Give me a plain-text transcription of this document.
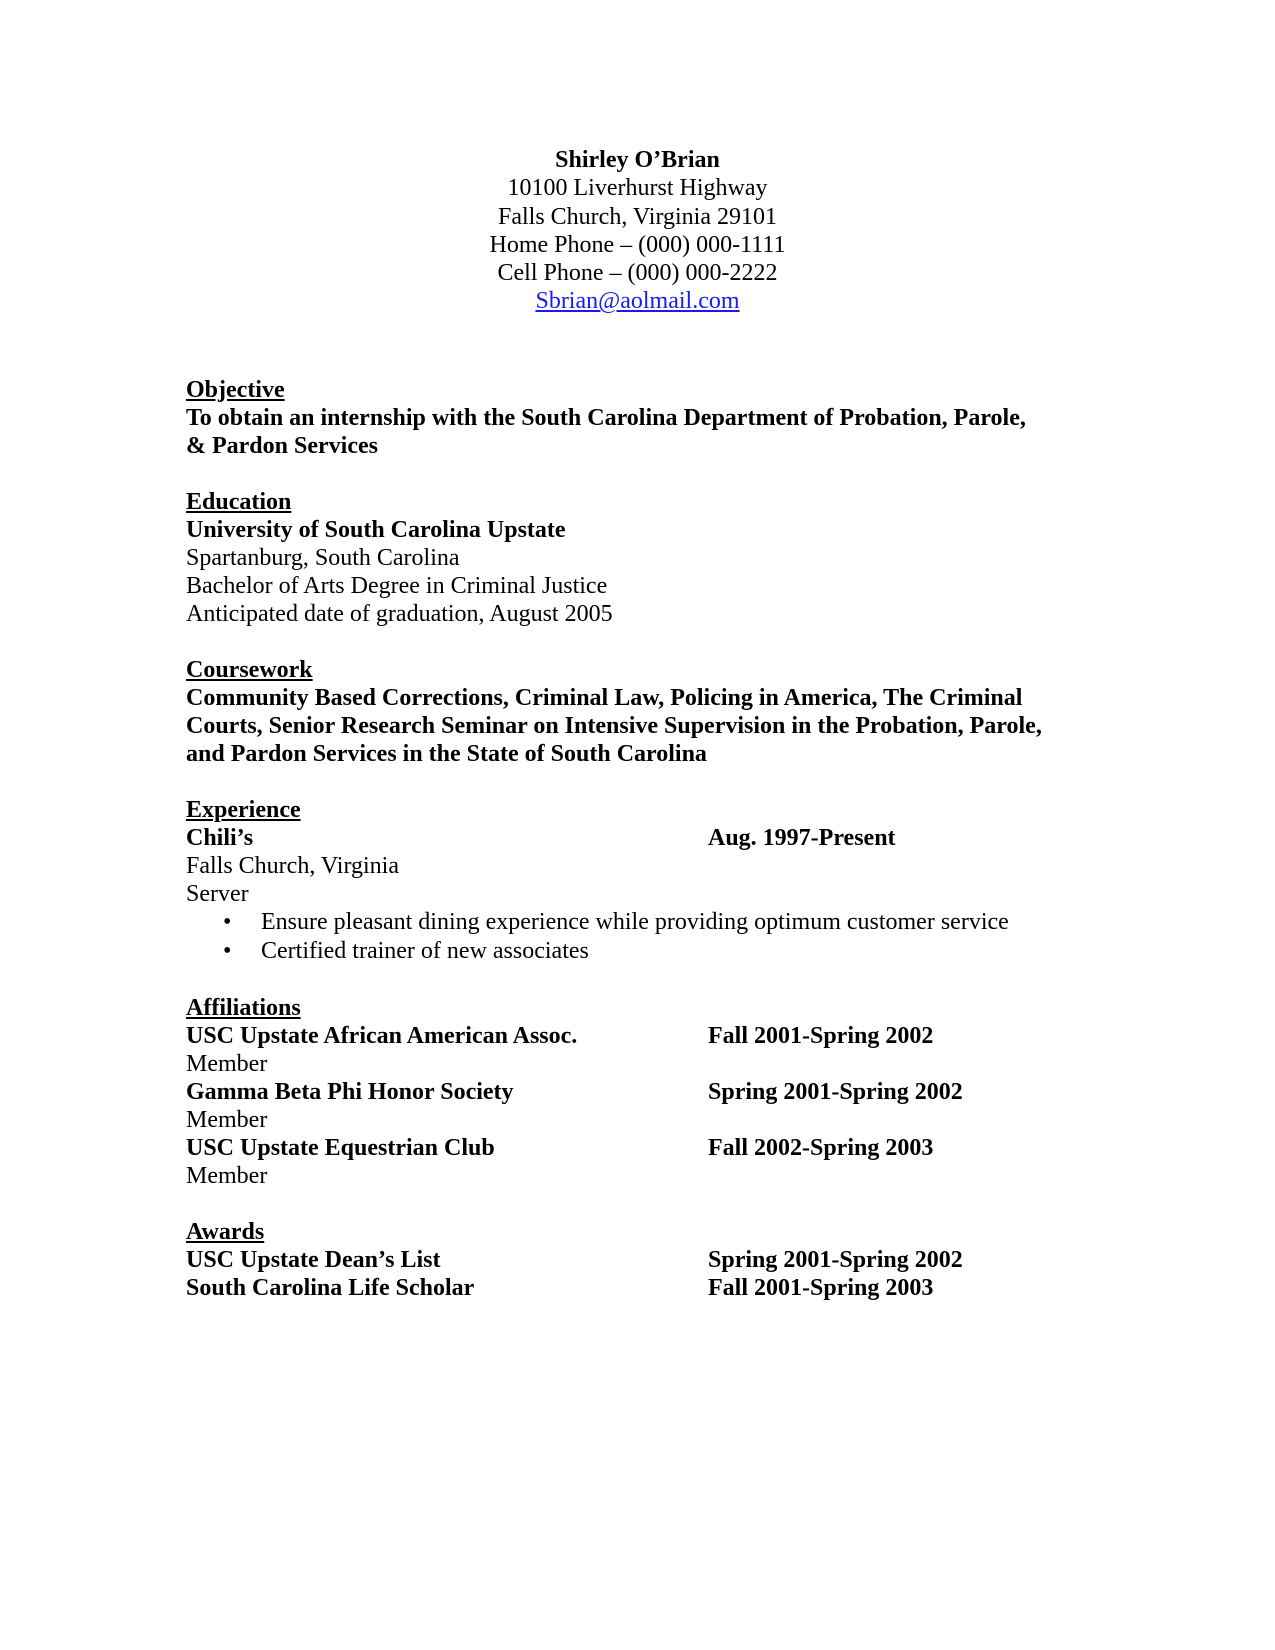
Shirley O’Brian
10100 Liverhurst Highway
Falls Church, Virginia 29101
Home Phone – (000) 000-1111
Cell Phone – (000) 000-2222
Sbrian@aolmail.com
Objective
To obtain an internship with the South Carolina Department of Probation, Parole,
& Pardon Services
Education
University of South Carolina Upstate
Spartanburg, South Carolina
Bachelor of Arts Degree in Criminal Justice
Anticipated date of graduation, August 2005
Coursework
Community Based Corrections, Criminal Law, Policing in America, The Criminal
Courts, Senior Research Seminar on Intensive Supervision in the Probation, Parole,
and Pardon Services in the State of South Carolina
Experience
Chili’s	Aug. 1997-Present
Falls Church, Virginia
Server
• Ensure pleasant dining experience while providing optimum customer service
• Certified trainer of new associates
Affiliations
USC Upstate African American Assoc.	Fall 2001-Spring 2002
Member
Gamma Beta Phi Honor Society	Spring 2001-Spring 2002
Member
USC Upstate Equestrian Club	Fall 2002-Spring 2003
Member
Awards
USC Upstate Dean’s List	Spring 2001-Spring 2002
South Carolina Life Scholar	Fall 2001-Spring 2003
